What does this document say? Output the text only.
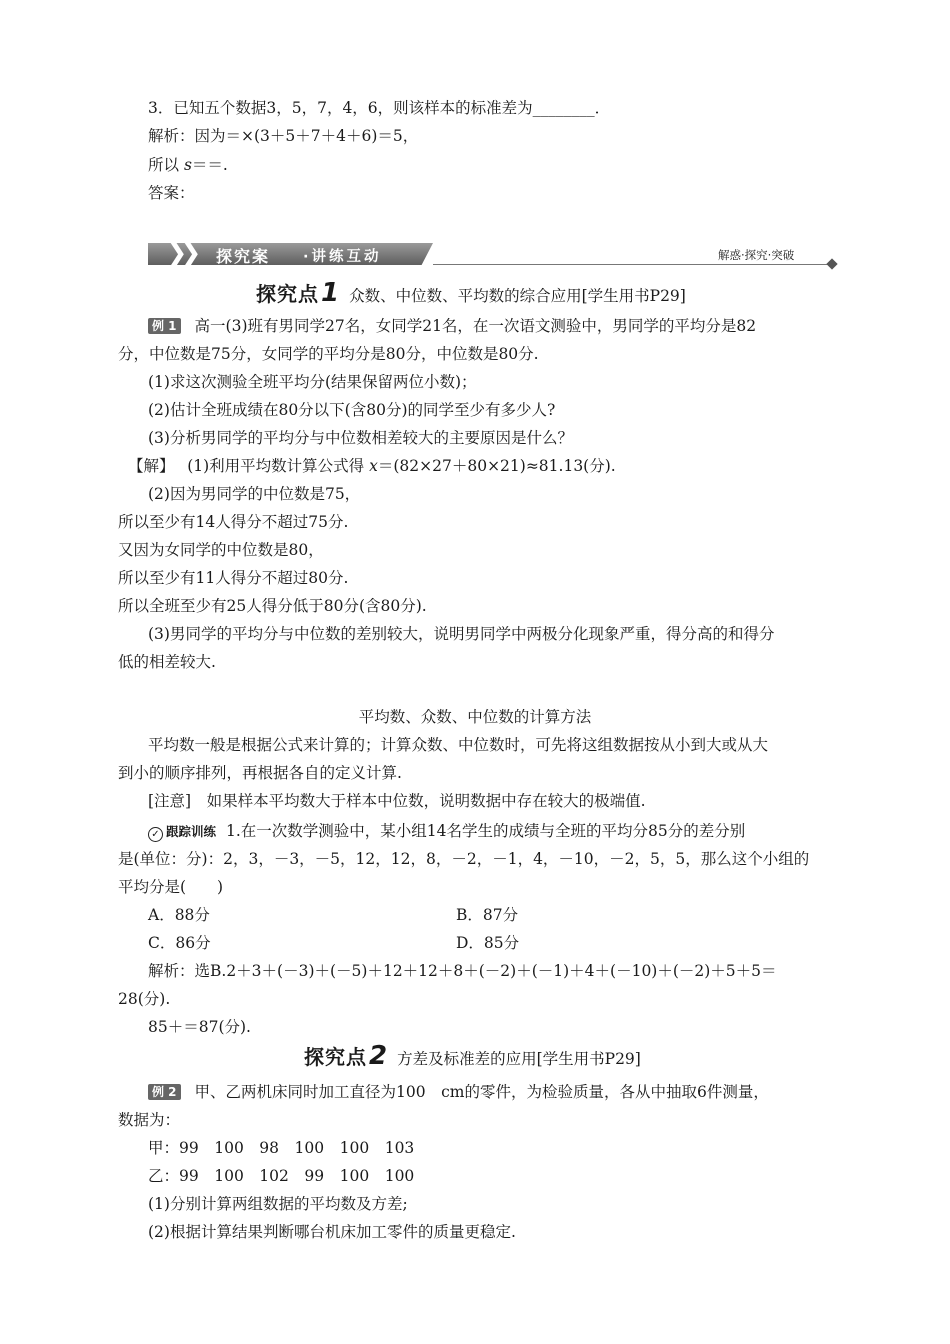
3．已知五个数据3，5，7，4，6，则该样本的标准差为________．
解析：因为＝×(3＋5＋7＋4＋6)＝5，
所以 s＝＝.
答案：
❯
❯ 探究案 ·讲练互动	解惑·探究·突破
探究点1 众数、中位数、平均数的综合应用[学生用书P29]
例 1 高一(3)班有男同学27名，女同学21名，在一次语文测验中，男同学的平均分是82
分，中位数是75分，女同学的平均分是80分，中位数是80分.
(1)求这次测验全班平均分(结果保留两位小数)；
(2)估计全班成绩在80分以下(含80分)的同学至少有多少人?
(3)分析男同学的平均分与中位数相差较大的主要原因是什么？
【解】　 (1)利用平均数计算公式得 x＝(82×27＋80×21)≈81.13(分).
(2)因为男同学的中位数是75，
所以至少有14人得分不超过75分.
又因为女同学的中位数是80，
所以至少有11人得分不超过80分.
所以全班至少有25人得分低于80分(含80分).
(3)男同学的平均分与中位数的差别较大，说明男同学中两极分化现象严重，得分高的和得分
低的相差较大.
平均数、众数、中位数的计算方法
平均数一般是根据公式来计算的；计算众数、中位数时，可先将这组数据按从小到大或从大
到小的顺序排列，再根据各自的定义计算.
[注意]　如果样本平均数大于样本中位数，说明数据中存在较大的极端值.
✓ 跟踪训练 1.在一次数学测验中，某小组14名学生的成绩与全班的平均分85分的差分别
是(单位：分)：2，3，－3，－5，12，12，8，－2，－1，4，－10，－2，5，5，那么这个小组的
平均分是(　　)
A．88分	B．87分
C．86分	D．85分
解析：选B.2＋3＋(－3)＋(－5)＋12＋12＋8＋(－2)＋(－1)＋4＋(－10)＋(－2)＋5＋5＝
28(分).
85＋＝87(分).
探究点2 方差及标准差的应用[学生用书P29]
例 2 甲、乙两机床同时加工直径为100　cm的零件，为检验质量，各从中抽取6件测量，
数据为：
甲：99　100　98　100　100　103
乙：99　100　102　99　100　100
(1)分别计算两组数据的平均数及方差;
(2)根据计算结果判断哪台机床加工零件的质量更稳定.
